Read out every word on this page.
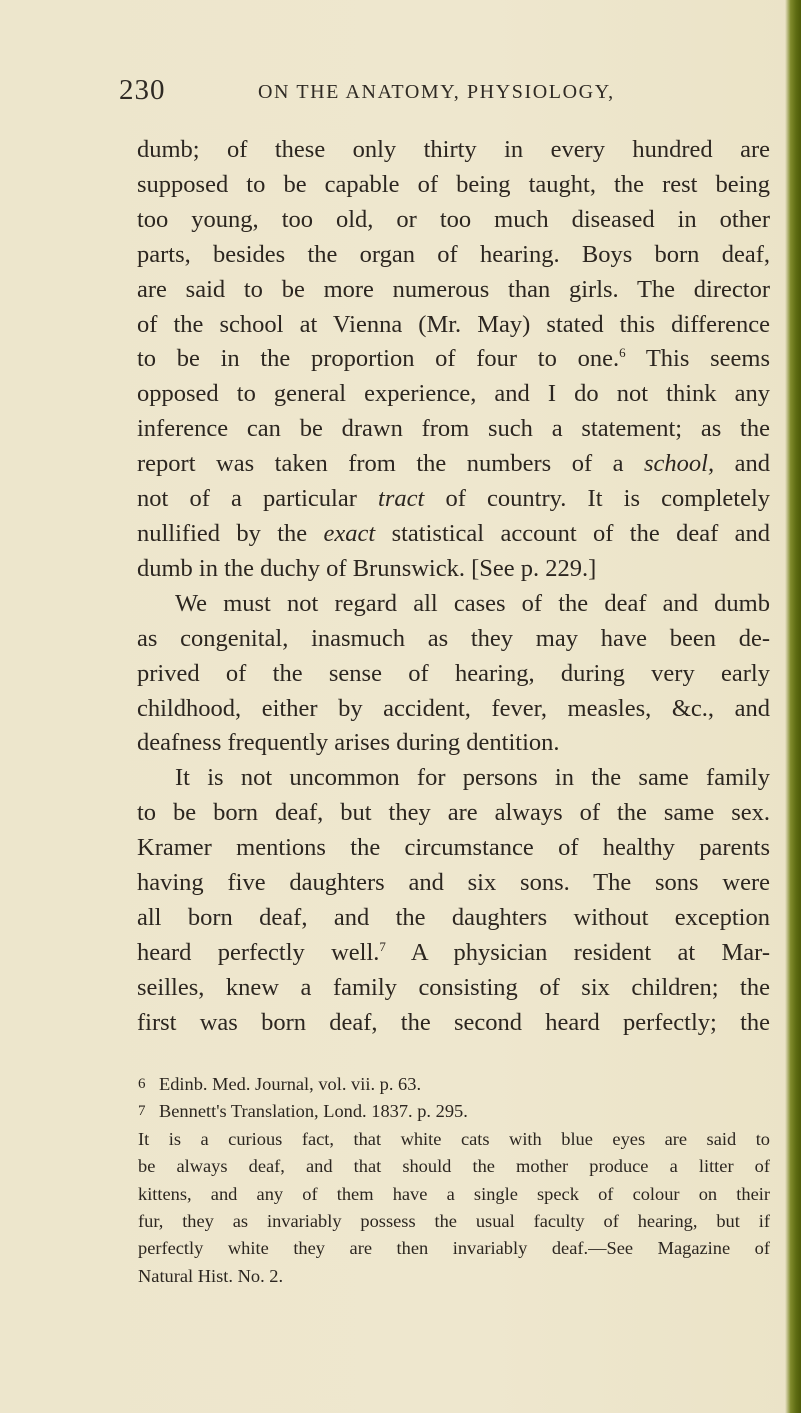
230	ON THE ANATOMY, PHYSIOLOGY,
dumb; of these only thirty in every hundred are
supposed to be capable of being taught, the rest being
too young, too old, or too much diseased in other
parts, besides the organ of hearing. Boys born deaf,
are said to be more numerous than girls. The director
of the school at Vienna (Mr. May) stated this difference
to be in the proportion of four to one.$^6$ This seems
opposed to general experience, and I do not think any
inference can be drawn from such a statement; as the
report was taken from the numbers of a school, and
not of a particular tract of country. It is completely
nullified by the exact statistical account of the deaf and
dumb in the duchy of Brunswick. [See p. 229.]
We must not regard all cases of the deaf and dumb
as congenital, inasmuch as they may have been de-
prived of the sense of hearing, during very early
childhood, either by accident, fever, measles, &c., and
deafness frequently arises during dentition.
It is not uncommon for persons in the same family
to be born deaf, but they are always of the same sex.
Kramer mentions the circumstance of healthy parents
having five daughters and six sons. The sons were
all born deaf, and the daughters without exception
heard perfectly well.$^7$ A physician resident at Mar-
seilles, knew a family consisting of six children; the
first was born deaf, the second heard perfectly; the
6 Edinb. Med. Journal, vol. vii. p. 63.
7 Bennett's Translation, Lond. 1837. p. 295.
It is a curious fact, that white cats with blue eyes are said to
be always deaf, and that should the mother produce a litter of
kittens, and any of them have a single speck of colour on their
fur, they as invariably possess the usual faculty of hearing, but if
perfectly white they are then invariably deaf.—See Magazine of
Natural Hist. No. 2.
